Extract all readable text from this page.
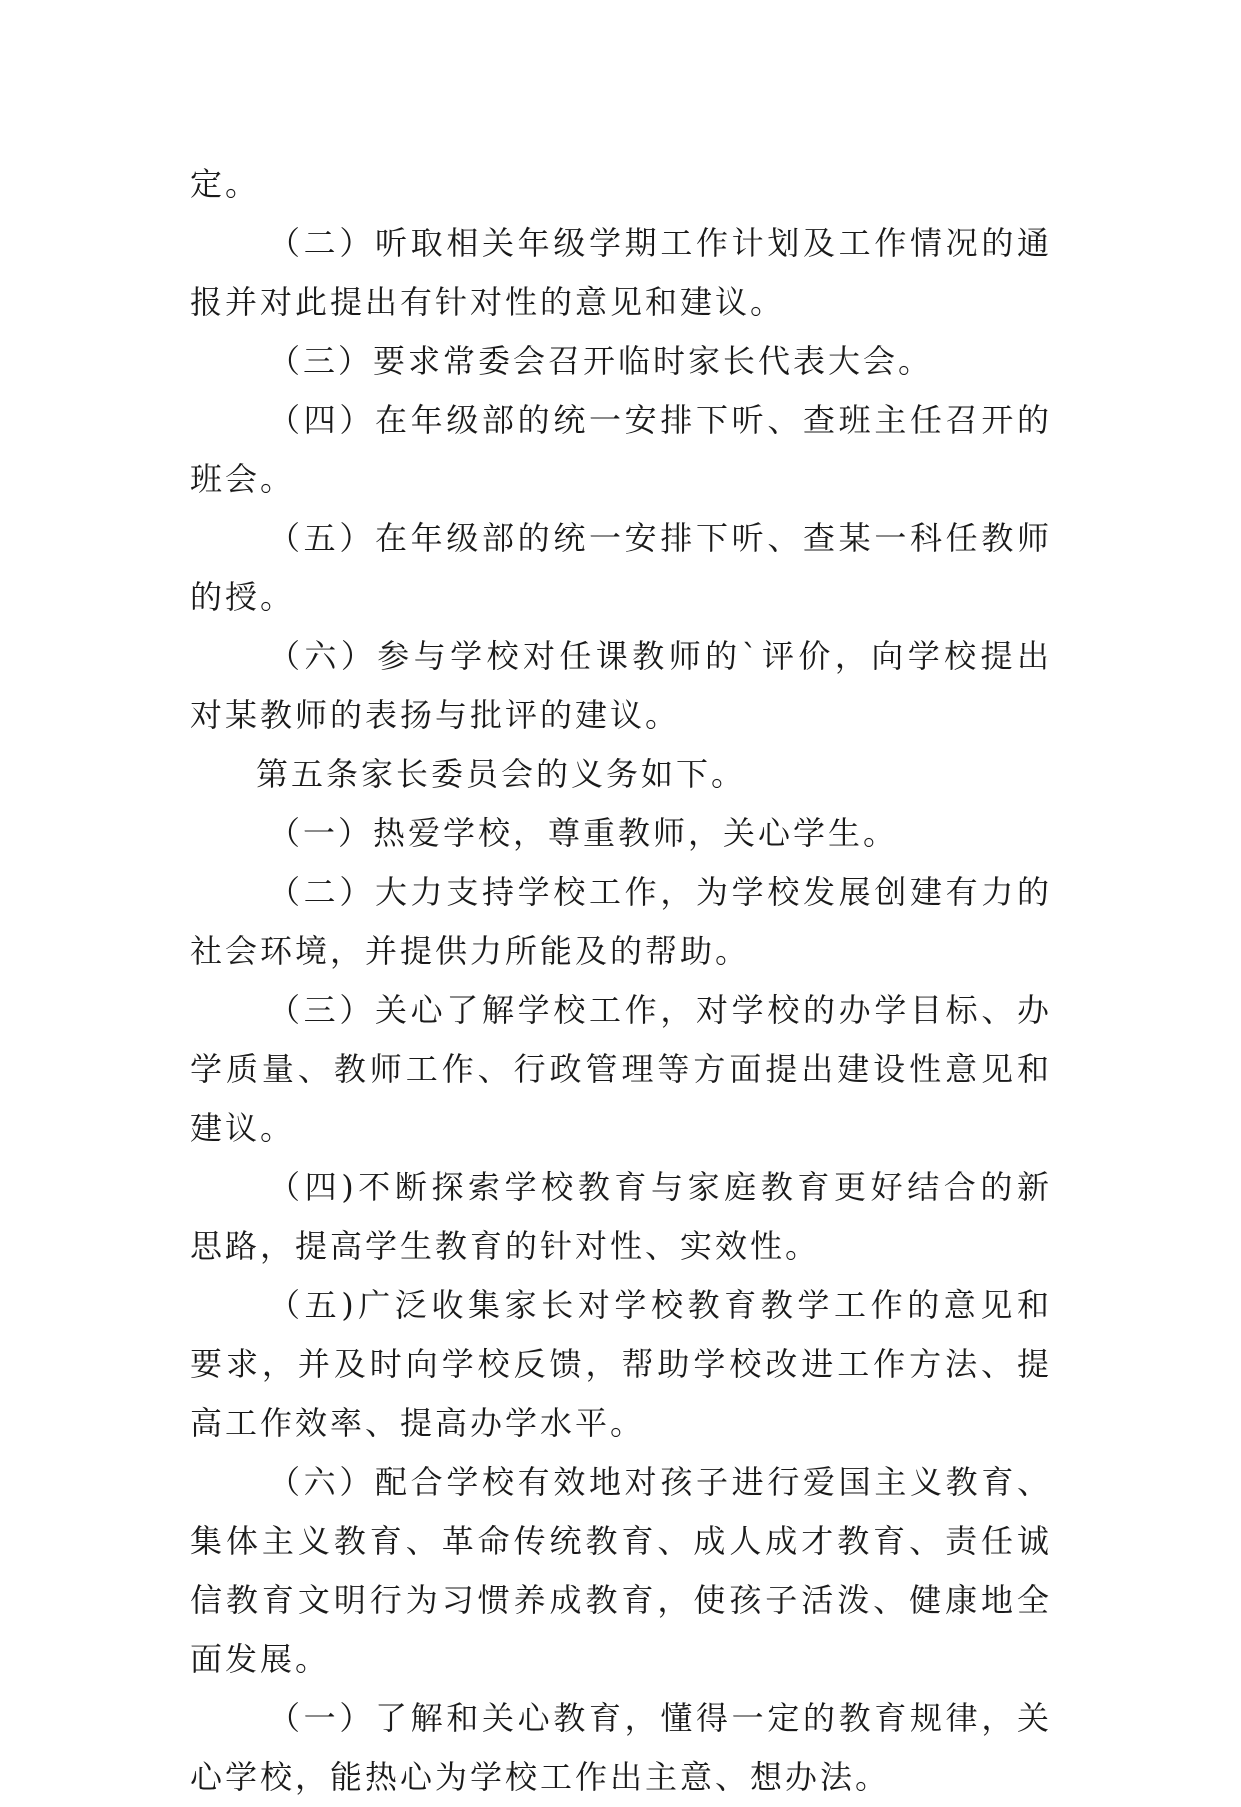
定。

（二）听取相关年级学期工作计划及工作情况的通报并对此提出有针对性的意见和建议。

（三）要求常委会召开临时家长代表大会。

（四）在年级部的统一安排下听、查班主任召开的班会。

（五）在年级部的统一安排下听、查某一科任教师的授。

（六）参与学校对任课教师的`评价，向学校提出对某教师的表扬与批评的建议。

第五条家长委员会的义务如下。

（一）热爱学校，尊重教师，关心学生。

（二）大力支持学校工作，为学校发展创建有力的社会环境，并提供力所能及的帮助。

（三）关心了解学校工作，对学校的办学目标、办学质量、教师工作、行政管理等方面提出建设性意见和建议。

（四)不断探索学校教育与家庭教育更好结合的新思路，提高学生教育的针对性、实效性。

（五)广泛收集家长对学校教育教学工作的意见和要求，并及时向学校反馈，帮助学校改进工作方法、提高工作效率、提高办学水平。

（六）配合学校有效地对孩子进行爱国主义教育、集体主义教育、革命传统教育、成人成才教育、责任诚信教育文明行为习惯养成教育，使孩子活泼、健康地全面发展。

（一）了解和关心教育，懂得一定的教育规律，关心学校，能热心为学校工作出主意、想办法。
